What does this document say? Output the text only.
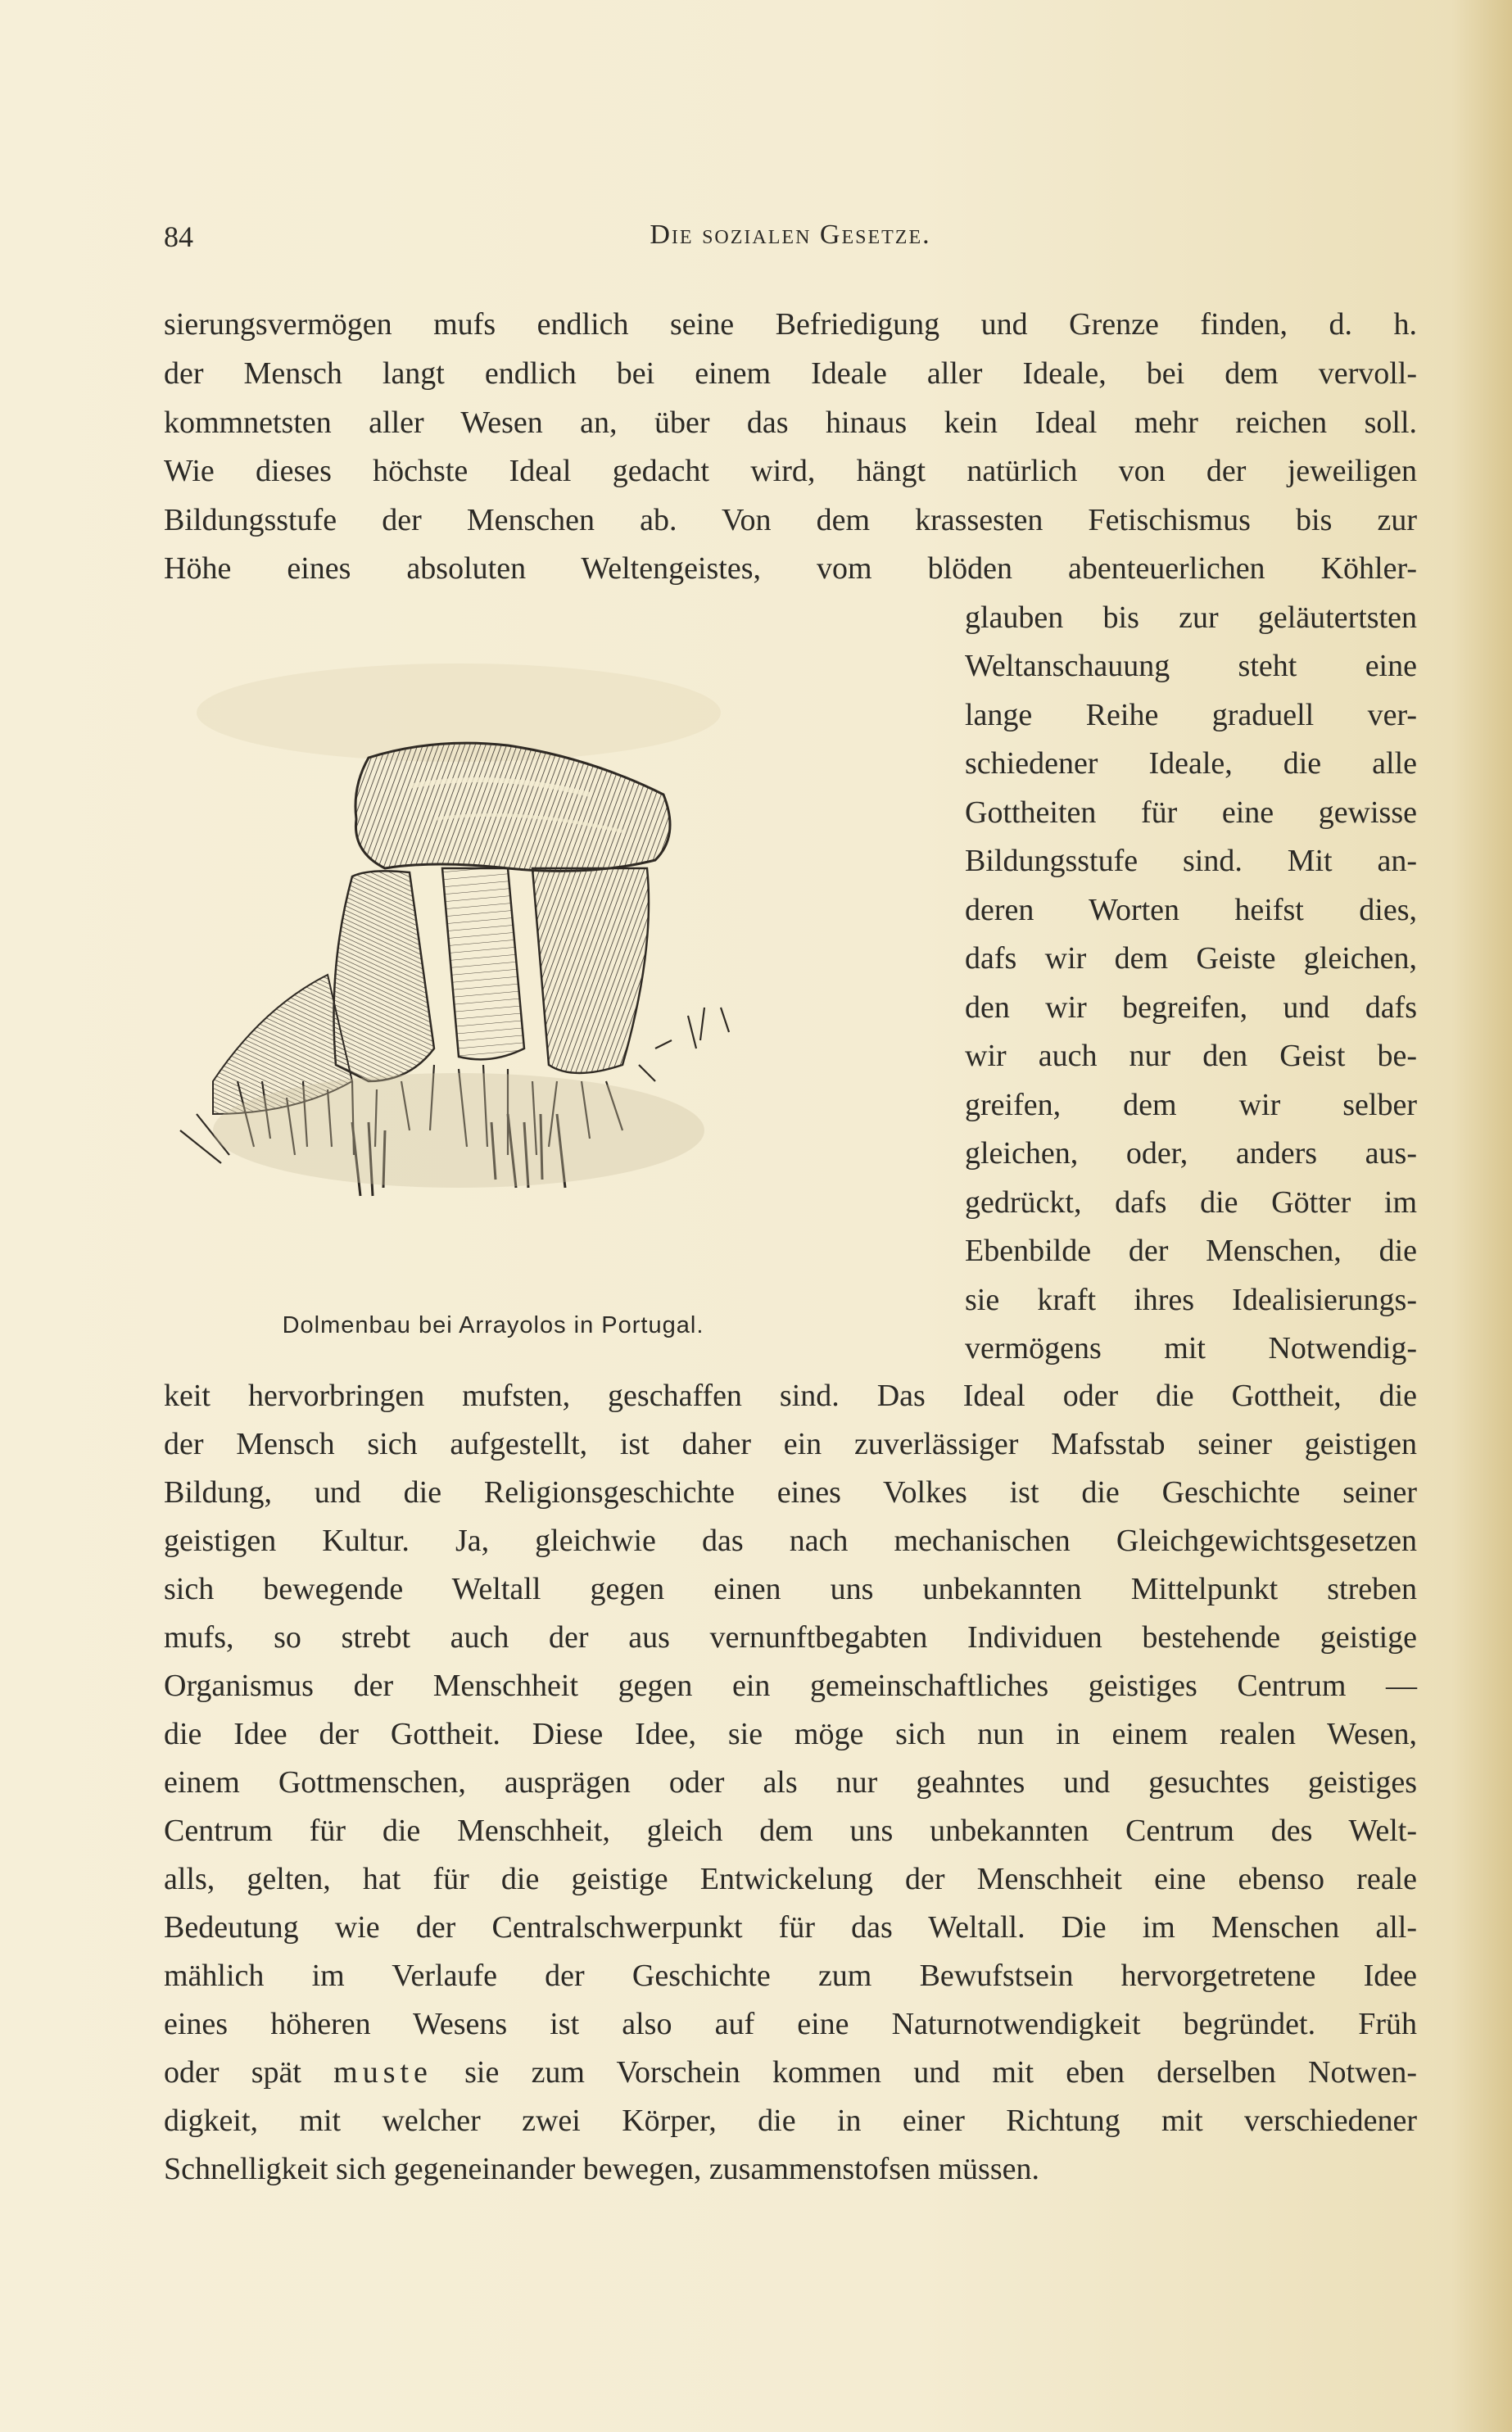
84	Die sozialen Gesetze.

sierungsvermögen mufs endlich seine Befriedigung und Grenze finden, d. h.

der Mensch langt endlich bei einem Ideale aller Ideale, bei dem vervoll-

kommnetsten aller Wesen an, über das hinaus kein Ideal mehr reichen soll.

Wie dieses höchste Ideal gedacht wird, hängt natürlich von der jeweiligen

Bildungsstufe der Menschen ab. Von dem krassesten Fetischismus bis zur

Höhe eines absoluten Weltengeistes, vom blöden abenteuerlichen Köhler-

Dolmenbau bei Arrayolos in Portugal.

glauben bis zur geläutertsten

Weltanschauung steht eine

lange Reihe graduell ver-

schiedener Ideale, die alle

Gottheiten für eine gewisse

Bildungsstufe sind. Mit an-

deren Worten heifst dies,

dafs wir dem Geiste gleichen,

den wir begreifen, und dafs

wir auch nur den Geist be-

greifen, dem wir selber

gleichen, oder, anders aus-

gedrückt, dafs die Götter im

Ebenbilde der Menschen, die

sie kraft ihres Idealisierungs-

vermögens mit Notwendig-

keit hervorbringen mufsten, geschaffen sind. Das Ideal oder die Gottheit, die

der Mensch sich aufgestellt, ist daher ein zuverlässiger Mafsstab seiner geistigen

Bildung, und die Religionsgeschichte eines Volkes ist die Geschichte seiner

geistigen Kultur. Ja, gleichwie das nach mechanischen Gleichgewichtsgesetzen

sich bewegende Weltall gegen einen uns unbekannten Mittelpunkt streben

mufs, so strebt auch der aus vernunftbegabten Individuen bestehende geistige

Organismus der Menschheit gegen ein gemeinschaftliches geistiges Centrum —

die Idee der Gottheit. Diese Idee, sie möge sich nun in einem realen Wesen,

einem Gottmenschen, ausprägen oder als nur geahntes und gesuchtes geistiges

Centrum für die Menschheit, gleich dem uns unbekannten Centrum des Welt-

alls, gelten, hat für die geistige Entwickelung der Menschheit eine ebenso reale

Bedeutung wie der Centralschwerpunkt für das Weltall. Die im Menschen all-

mählich im Verlaufe der Geschichte zum Bewufstsein hervorgetretene Idee

eines höheren Wesens ist also auf eine Naturnotwendigkeit begründet. Früh

oder spät muste sie zum Vorschein kommen und mit eben derselben Notwen-

digkeit, mit welcher zwei Körper, die in einer Richtung mit verschiedener

Schnelligkeit sich gegeneinander bewegen, zusammenstofsen müssen.
